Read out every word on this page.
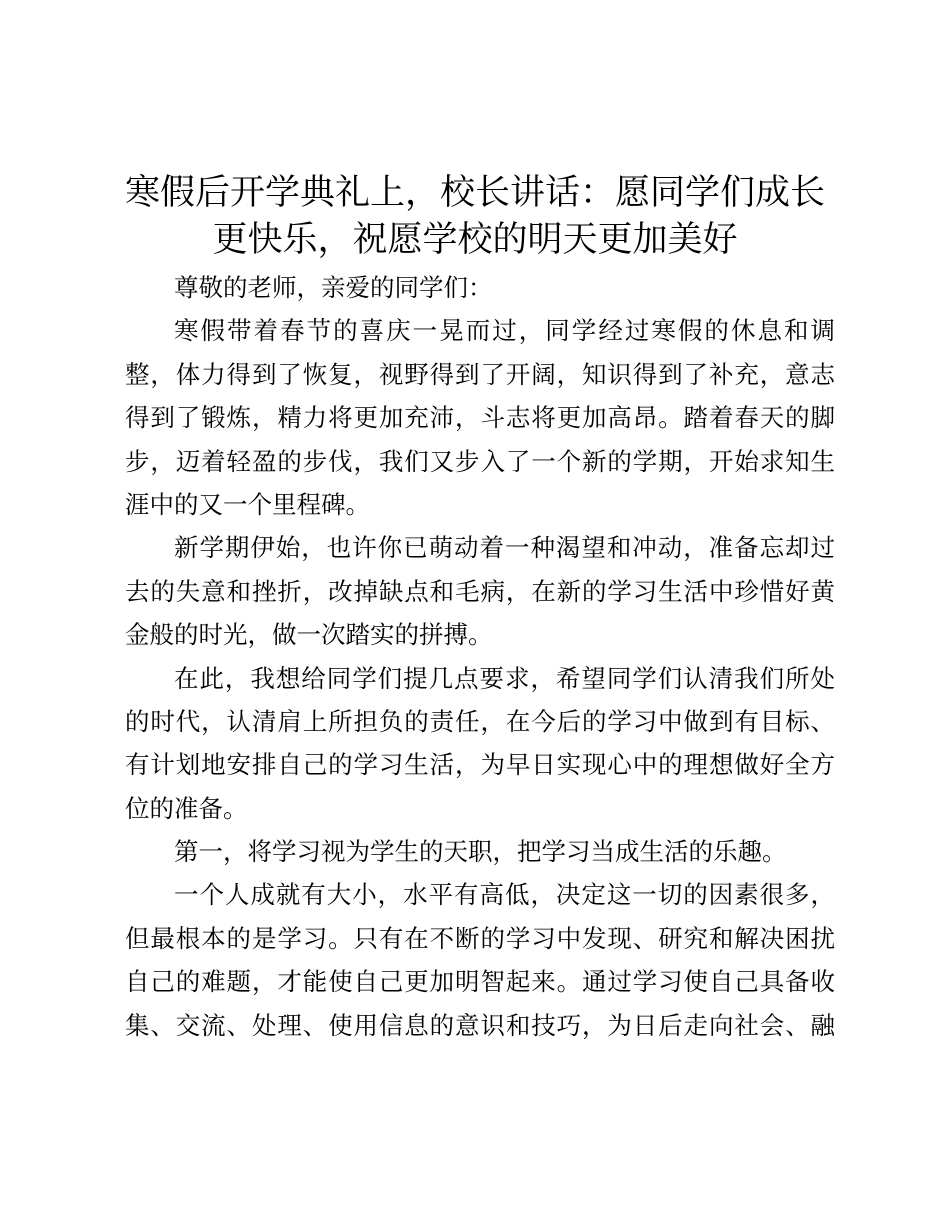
寒假后开学典礼上，校长讲话：愿同学们成长
更快乐，祝愿学校的明天更加美好
尊敬的老师，亲爱的同学们：
寒假带着春节的喜庆一晃而过，同学经过寒假的休息和调
整，体力得到了恢复，视野得到了开阔，知识得到了补充，意志
得到了锻炼，精力将更加充沛，斗志将更加高昂。踏着春天的脚
步，迈着轻盈的步伐，我们又步入了一个新的学期，开始求知生
涯中的又一个里程碑。
新学期伊始，也许你已萌动着一种渴望和冲动，准备忘却过
去的失意和挫折，改掉缺点和毛病，在新的学习生活中珍惜好黄
金般的时光，做一次踏实的拼搏。
在此，我想给同学们提几点要求，希望同学们认清我们所处
的时代，认清肩上所担负的责任，在今后的学习中做到有目标、
有计划地安排自己的学习生活，为早日实现心中的理想做好全方
位的准备。
第一，将学习视为学生的天职，把学习当成生活的乐趣。
一个人成就有大小，水平有高低，决定这一切的因素很多，
但最根本的是学习。只有在不断的学习中发现、研究和解决困扰
自己的难题，才能使自己更加明智起来。通过学习使自己具备收
集、交流、处理、使用信息的意识和技巧，为日后走向社会、融
